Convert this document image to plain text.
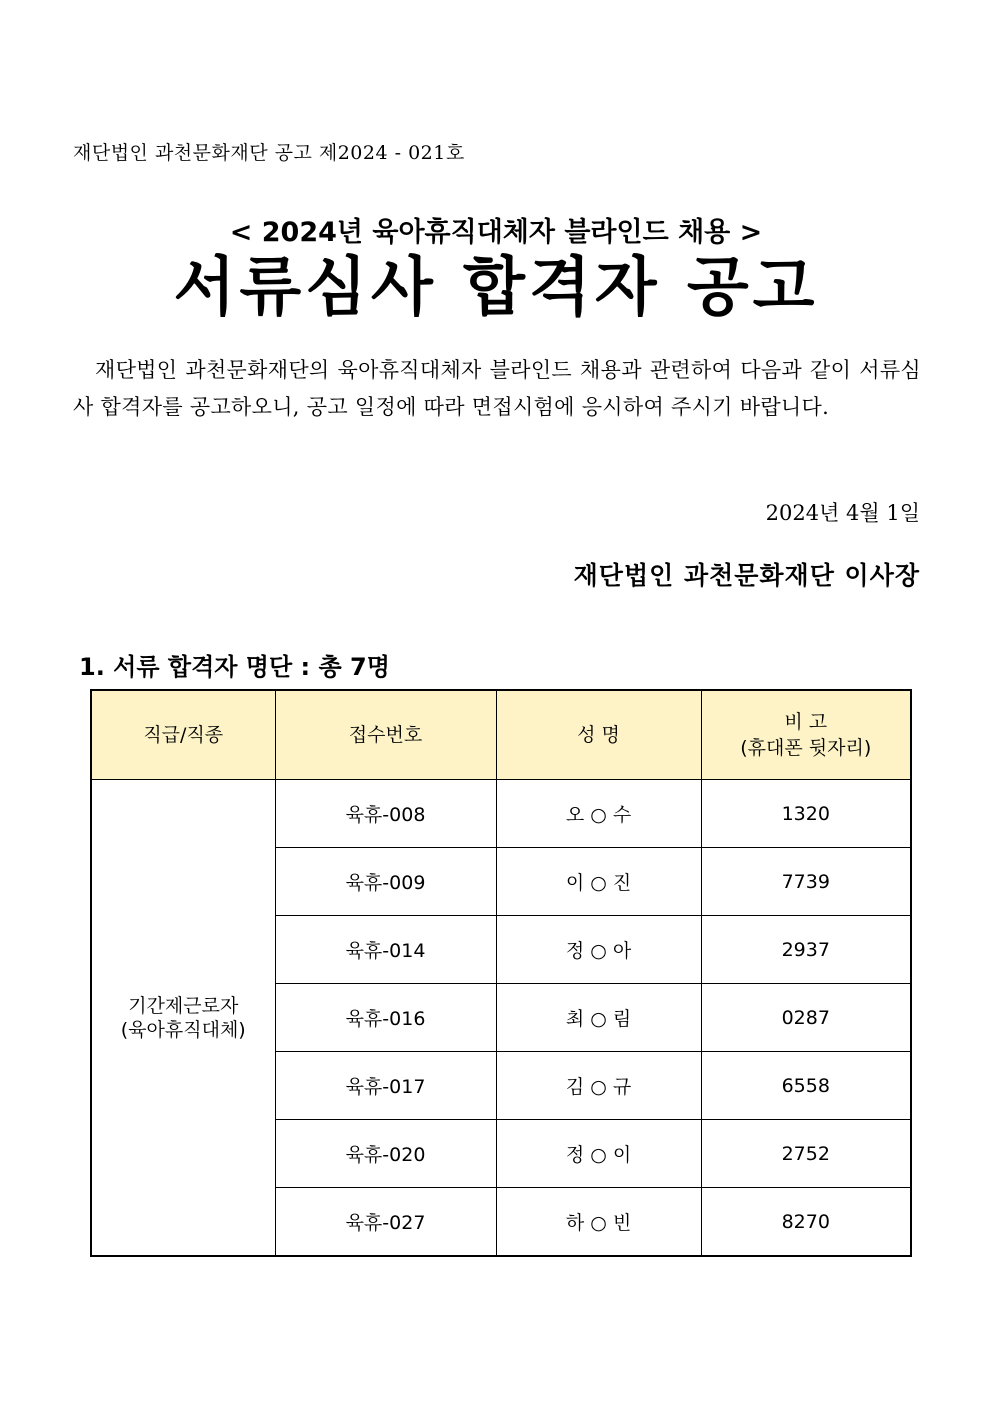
재단법인 과천문화재단 공고 제2024 - 021호
< 2024년 육아휴직대체자 블라인드 채용 >
서류심사 합격자 공고
재단법인 과천문화재단의 육아휴직대체자 블라인드 채용과 관련하여 다음과 같이 서류심사 합격자를 공고하오니, 공고 일정에 따라 면접시험에 응시하여 주시기 바랍니다.
2024년 4월 1일
재단법인 과천문화재단 이사장
1. 서류 합격자 명단 : 총 7명
직급/직종	접수번호	성 명	비 고
(휴대폰 뒷자리)

기간제근로자
(육아휴직대체)	육휴-008	오 ○ 수	1320
	육휴-009	이 ○ 진	7739
	육휴-014	정 ○ 아	2937
	육휴-016	최 ○ 림	0287
	육휴-017	김 ○ 규	6558
	육휴-020	정 ○ 이	2752
	육휴-027	하 ○ 빈	8270
